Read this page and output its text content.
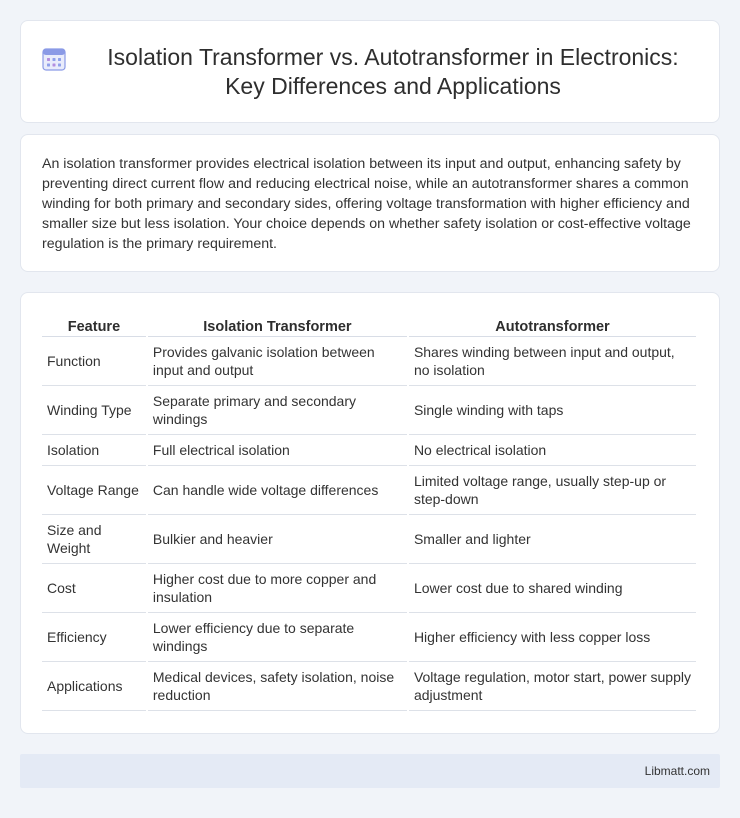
Isolation Transformer vs. Autotransformer in Electronics: Key Differences and Applications

An isolation transformer provides electrical isolation between its input and output, enhancing safety by preventing direct current flow and reducing electrical noise, while an autotransformer shares a common winding for both primary and secondary sides, offering voltage transformation with higher efficiency and smaller size but less isolation. Your choice depends on whether safety isolation or cost-effective voltage regulation is the primary requirement.

Feature	Isolation Transformer	Autotransformer
Function	Provides galvanic isolation between input and output	Shares winding between input and output, no isolation
Winding Type	Separate primary and secondary windings	Single winding with taps
Isolation	Full electrical isolation	No electrical isolation
Voltage Range	Can handle wide voltage differences	Limited voltage range, usually step-up or step-down
Size and Weight	Bulkier and heavier	Smaller and lighter
Cost	Higher cost due to more copper and insulation	Lower cost due to shared winding
Efficiency	Lower efficiency due to separate windings	Higher efficiency with less copper loss
Applications	Medical devices, safety isolation, noise reduction	Voltage regulation, motor start, power supply adjustment
Libmatt.com
